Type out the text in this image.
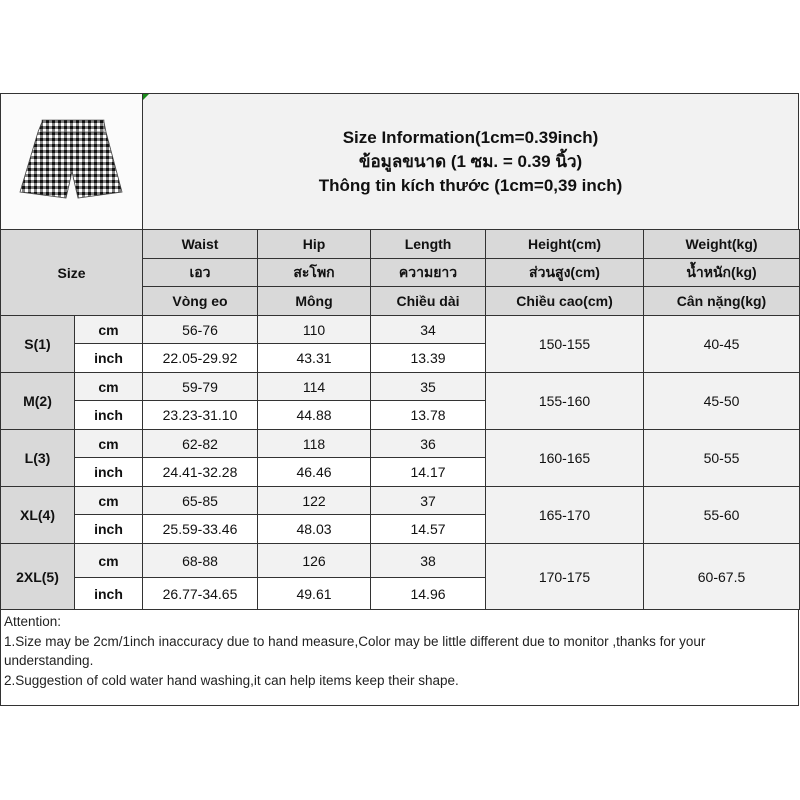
Size Information(1cm=0.39inch)
ข้อมูลขนาด (1 ซม. = 0.39 นิ้ว)
Thông tin kích thước (1cm=0,39 inch)
Size		Waist	Hip	Length	Height(cm)	Weight(kg)
		เอว	สะโพก	ความยาว	ส่วนสูง(cm)	น้ำหนัก(kg)
		Vòng eo	Mông	Chiều dài	Chiều cao(cm)	Cân nặng(kg)
S(1)	cm	56-76	110	34	150-155	40-45
	inch	22.05-29.92	43.31	13.39		
M(2)	cm	59-79	114	35	155-160	45-50
	inch	23.23-31.10	44.88	13.78		
L(3)	cm	62-82	118	36	160-165	50-55
	inch	24.41-32.28	46.46	14.17		
XL(4)	cm	65-85	122	37	165-170	55-60
	inch	25.59-33.46	48.03	14.57		
2XL(5)	cm	68-88	126	38	170-175	60-67.5
	inch	26.77-34.65	49.61	14.96		

Attention:

1.Size may be 2cm/1inch inaccuracy due to hand measure,Color may be little different due to monitor ,thanks for your understanding.

2.Suggestion of cold water hand washing,it can help items keep their shape.
